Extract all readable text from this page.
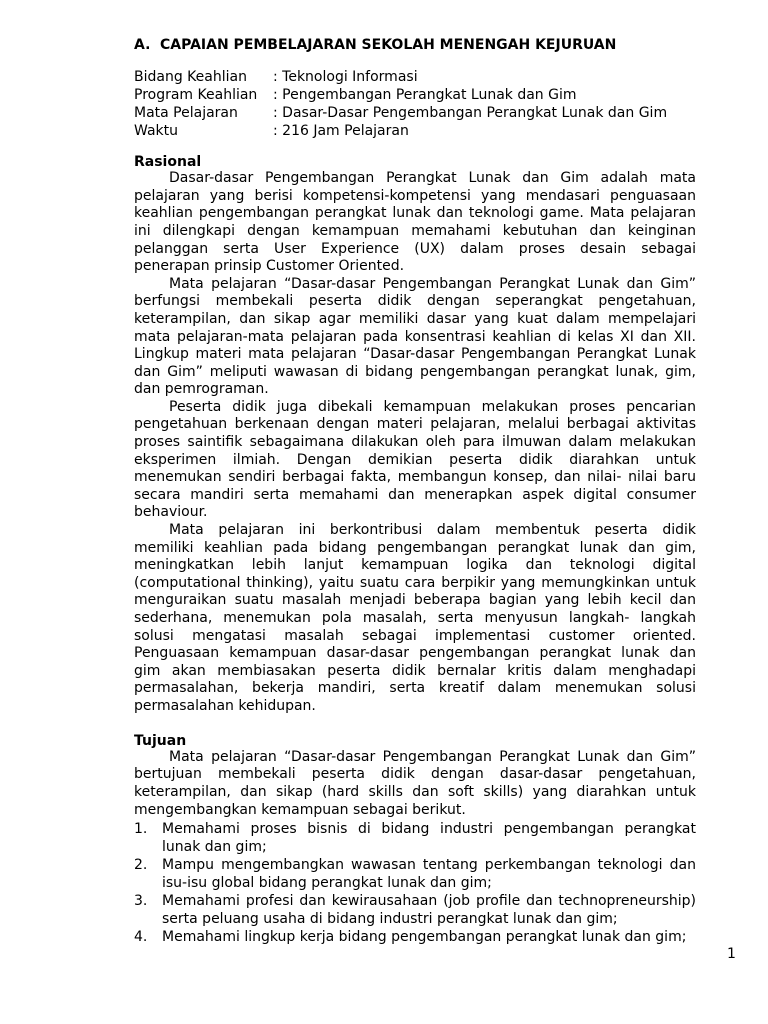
A. CAPAIAN PEMBELAJARAN SEKOLAH MENENGAH KEJURUAN
Bidang Keahlian : Teknologi Informasi
Program Keahlian : Pengembangan Perangkat Lunak dan Gim
Mata Pelajaran	: Dasar-Dasar Pengembangan Perangkat Lunak dan Gim
Waktu	: 216 Jam Pelajaran
Rasional
Dasar-dasar Pengembangan Perangkat Lunak dan Gim adalah mata
pelajaran yang berisi kompetensi-kompetensi yang mendasari penguasaan
keahlian pengembangan perangkat lunak dan teknologi game. Mata pelajaran
ini dilengkapi dengan kemampuan memahami kebutuhan dan keinginan
pelanggan serta User Experience (UX) dalam proses desain sebagai
penerapan prinsip Customer Oriented.
Mata pelajaran “Dasar-dasar Pengembangan Perangkat Lunak dan Gim”
berfungsi membekali peserta didik dengan seperangkat pengetahuan,
keterampilan, dan sikap agar memiliki dasar yang kuat dalam mempelajari
mata pelajaran-mata pelajaran pada konsentrasi keahlian di kelas XI dan XII.
Lingkup materi mata pelajaran “Dasar-dasar Pengembangan Perangkat Lunak
dan Gim” meliputi wawasan di bidang pengembangan perangkat lunak, gim,
dan pemrograman.
Peserta didik juga dibekali kemampuan melakukan proses pencarian
pengetahuan berkenaan dengan materi pelajaran, melalui berbagai aktivitas
proses saintifik sebagaimana dilakukan oleh para ilmuwan dalam melakukan
eksperimen ilmiah. Dengan demikian peserta didik diarahkan untuk
menemukan sendiri berbagai fakta, membangun konsep, dan nilai- nilai baru
secara mandiri serta memahami dan menerapkan aspek digital consumer
behaviour.
Mata pelajaran ini berkontribusi dalam membentuk peserta didik
memiliki keahlian pada bidang pengembangan perangkat lunak dan gim,
meningkatkan lebih lanjut kemampuan logika dan teknologi digital
(computational thinking), yaitu suatu cara berpikir yang memungkinkan untuk
menguraikan suatu masalah menjadi beberapa bagian yang lebih kecil dan
sederhana, menemukan pola masalah, serta menyusun langkah- langkah
solusi mengatasi masalah sebagai implementasi customer oriented.
Penguasaan kemampuan dasar-dasar pengembangan perangkat lunak dan
gim akan membiasakan peserta didik bernalar kritis dalam menghadapi
permasalahan, bekerja mandiri, serta kreatif dalam menemukan solusi
permasalahan kehidupan.
Tujuan
Mata pelajaran “Dasar-dasar Pengembangan Perangkat Lunak dan Gim”
bertujuan membekali peserta didik dengan dasar-dasar pengetahuan,
keterampilan, dan sikap (hard skills dan soft skills) yang diarahkan untuk
mengembangkan kemampuan sebagai berikut.
1. Memahami proses bisnis di bidang industri pengembangan perangkat
lunak dan gim;
2. Mampu mengembangkan wawasan tentang perkembangan teknologi dan
isu-isu global bidang perangkat lunak dan gim;
3. Memahami profesi dan kewirausahaan (job profile dan technopreneurship)
serta peluang usaha di bidang industri perangkat lunak dan gim;
4. Memahami lingkup kerja bidang pengembangan perangkat lunak dan gim;
1
